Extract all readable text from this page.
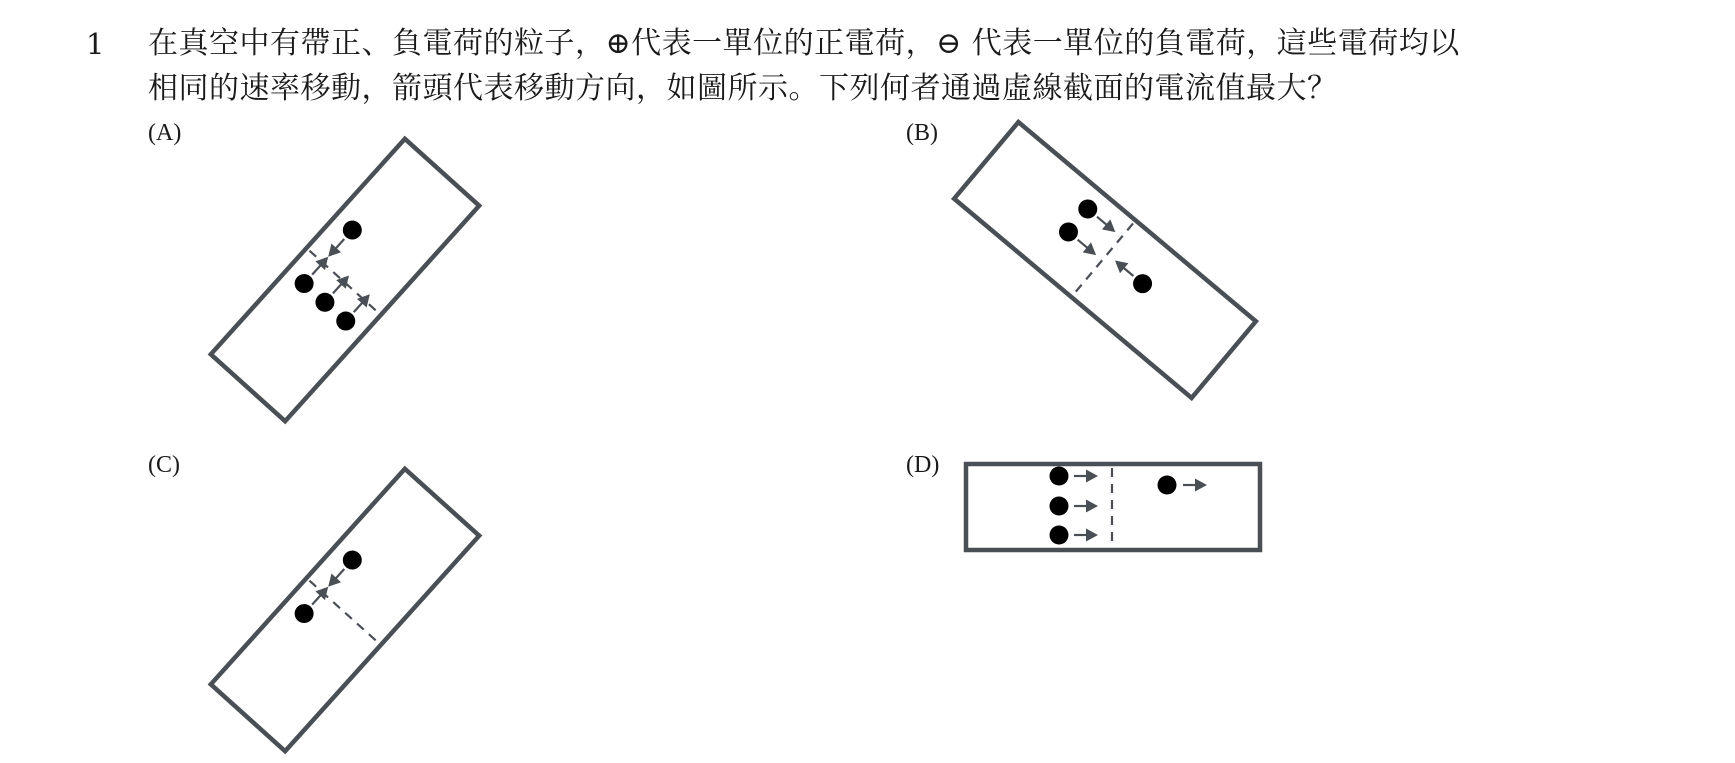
1 在真空中有帶正、負電荷的粒子，⊕代表一單位的正電荷，⊖ 代表一單位的負電荷，這些電荷均以
相同的速率移動，箭頭代表移動方向，如圖所示。下列何者通過虛線截面的電流值最大？
(A)	(B)
(C)	(D)
